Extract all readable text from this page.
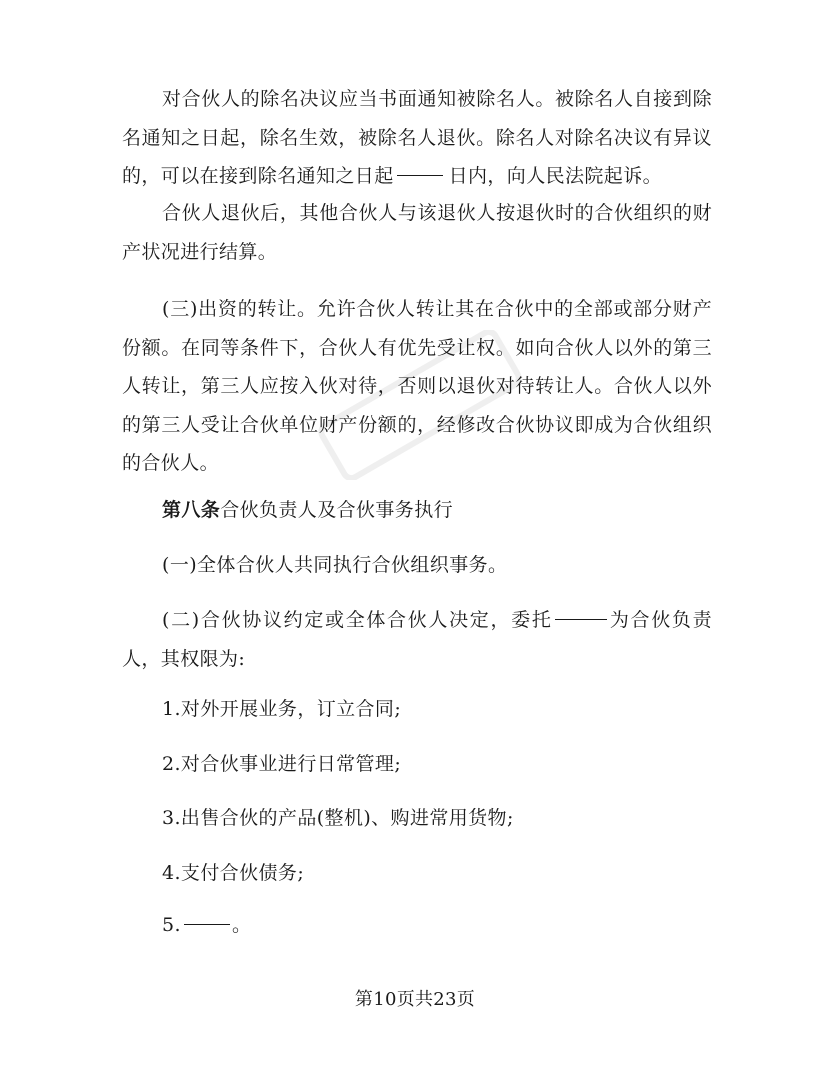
对合伙人的除名决议应当书面通知被除名人。被除名人自接到除名通知之日起，除名生效，被除名人退伙。除名人对除名决议有异议的，可以在接到除名通知之日起	日内，向人民法院起诉。

合伙人退伙后，其他合伙人与该退伙人按退伙时的合伙组织的财产状况进行结算。

(三)出资的转让。允许合伙人转让其在合伙中的全部或部分财产份额。在同等条件下，合伙人有优先受让权。如向合伙人以外的第三人转让，第三人应按入伙对待，否则以退伙对待转让人。合伙人以外的第三人受让合伙单位财产份额的，经修改合伙协议即成为合伙组织的合伙人。

第八条合伙负责人及合伙事务执行

(一)全体合伙人共同执行合伙组织事务。

(二)合伙协议约定或全体合伙人决定，委托	为合伙负责人，其权限为:

1.对外开展业务，订立合同;

2.对合伙事业进行日常管理;

3.出售合伙的产品(整机)、购进常用货物;

4.支付合伙债务;

5.	。

第10页共23页
